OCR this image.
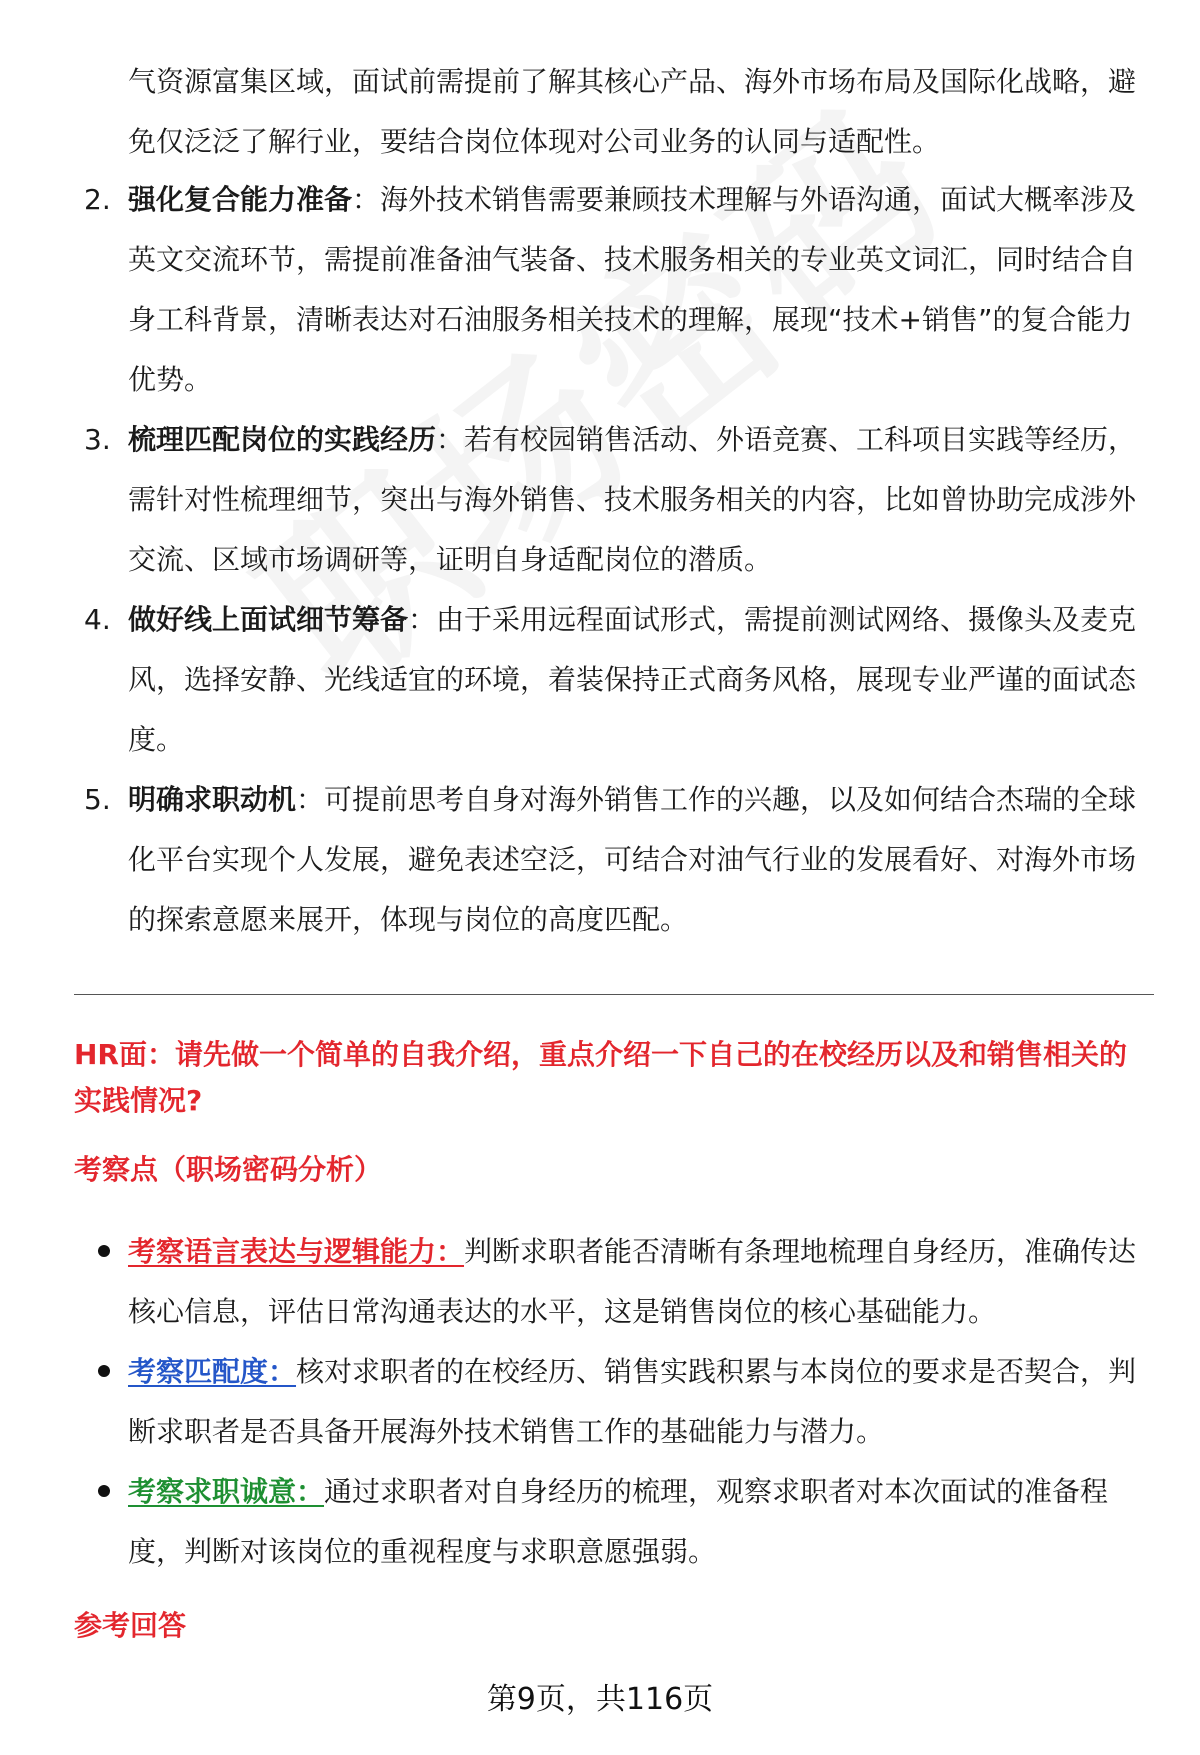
气资源富集区域，面试前需提前了解其核心产品、海外市场布局及国际化战略，避免仅泛泛了解行业，要结合岗位体现对公司业务的认同与适配性。
2. 强化复合能力准备：海外技术销售需要兼顾技术理解与外语沟通，面试大概率涉及英文交流环节，需提前准备油气装备、技术服务相关的专业英文词汇，同时结合自身工科背景，清晰表达对石油服务相关技术的理解，展现“技术+销售”的复合能力优势。
3. 梳理匹配岗位的实践经历：若有校园销售活动、外语竞赛、工科项目实践等经历，需针对性梳理细节，突出与海外销售、技术服务相关的内容，比如曾协助完成涉外交流、区域市场调研等，证明自身适配岗位的潜质。
4. 做好线上面试细节筹备：由于采用远程面试形式，需提前测试网络、摄像头及麦克风，选择安静、光线适宜的环境，着装保持正式商务风格，展现专业严谨的面试态度。
5. 明确求职动机：可提前思考自身对海外销售工作的兴趣，以及如何结合杰瑞的全球化平台实现个人发展，避免表述空泛，可结合对油气行业的发展看好、对海外市场的探索意愿来展开，体现与岗位的高度匹配。
HR面：请先做一个简单的自我介绍，重点介绍一下自己的在校经历以及和销售相关的实践情况?
考察点（职场密码分析）
考察语言表达与逻辑能力：判断求职者能否清晰有条理地梳理自身经历，准确传达核心信息，评估日常沟通表达的水平，这是销售岗位的核心基础能力。
考察匹配度：核对求职者的在校经历、销售实践积累与本岗位的要求是否契合，判断求职者是否具备开展海外技术销售工作的基础能力与潜力。
考察求职诚意：通过求职者对自身经历的梳理，观察求职者对本次面试的准备程度，判断对该岗位的重视程度与求职意愿强弱。
参考回答
第9页，共116页
